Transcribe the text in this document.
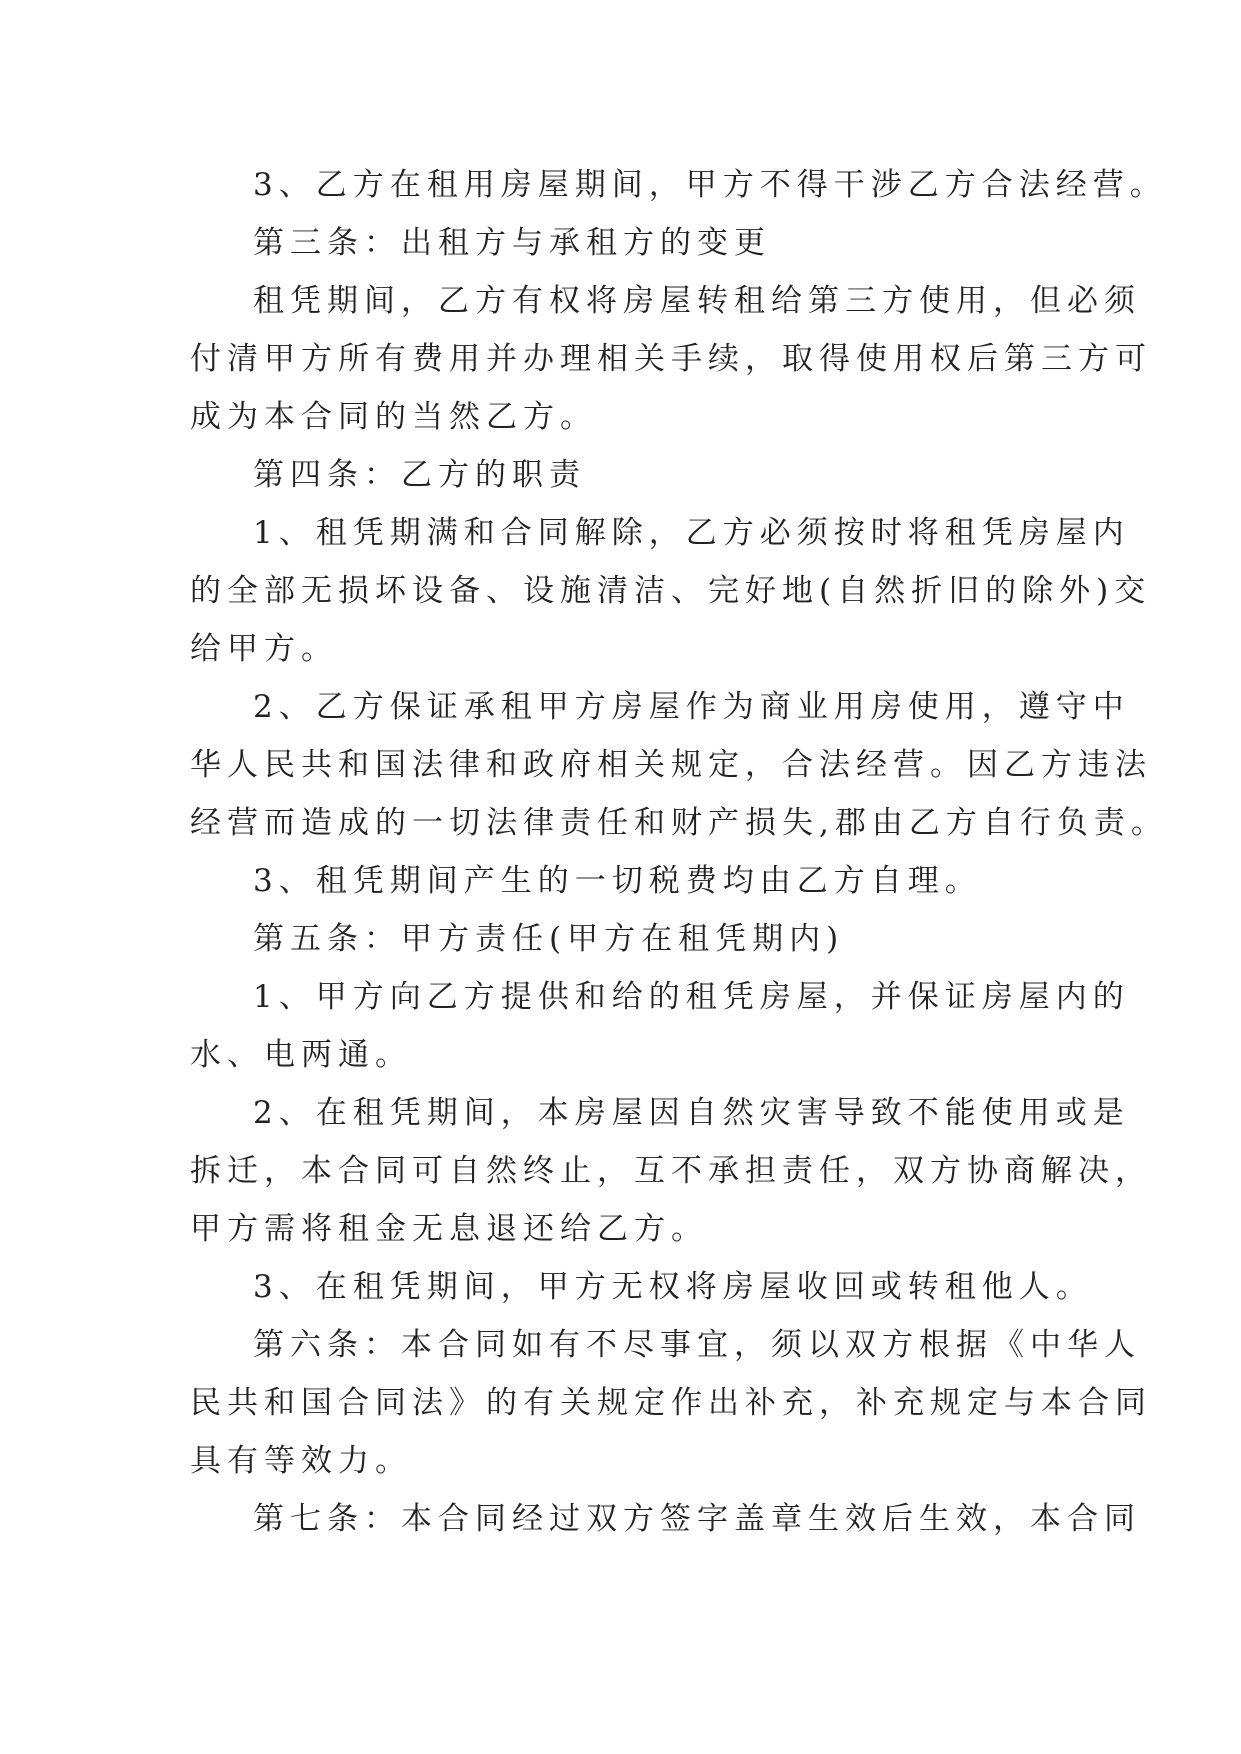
3、乙方在租用房屋期间，甲方不得干涉乙方合法经营。
第三条：出租方与承租方的变更
租凭期间，乙方有权将房屋转租给第三方使用，但必须
付清甲方所有费用并办理相关手续，取得使用权后第三方可
成为本合同的当然乙方。
第四条：乙方的职责
1、租凭期满和合同解除，乙方必须按时将租凭房屋内
的全部无损坏设备、设施清洁、完好地(自然折旧的除外)交
给甲方。
2、乙方保证承租甲方房屋作为商业用房使用，遵守中
华人民共和国法律和政府相关规定，合法经营。因乙方违法
经营而造成的一切法律责任和财产损失,郡由乙方自行负责。
3、租凭期间产生的一切税费均由乙方自理。
第五条：甲方责任(甲方在租凭期内)
1、甲方向乙方提供和给的租凭房屋，并保证房屋内的
水、电两通。
2、在租凭期间，本房屋因自然灾害导致不能使用或是
拆迁，本合同可自然终止，互不承担责任，双方协商解决，
甲方需将租金无息退还给乙方。
3、在租凭期间，甲方无权将房屋收回或转租他人。
第六条：本合同如有不尽事宜，须以双方根据《中华人
民共和国合同法》的有关规定作出补充，补充规定与本合同
具有等效力。
第七条：本合同经过双方签字盖章生效后生效，本合同
